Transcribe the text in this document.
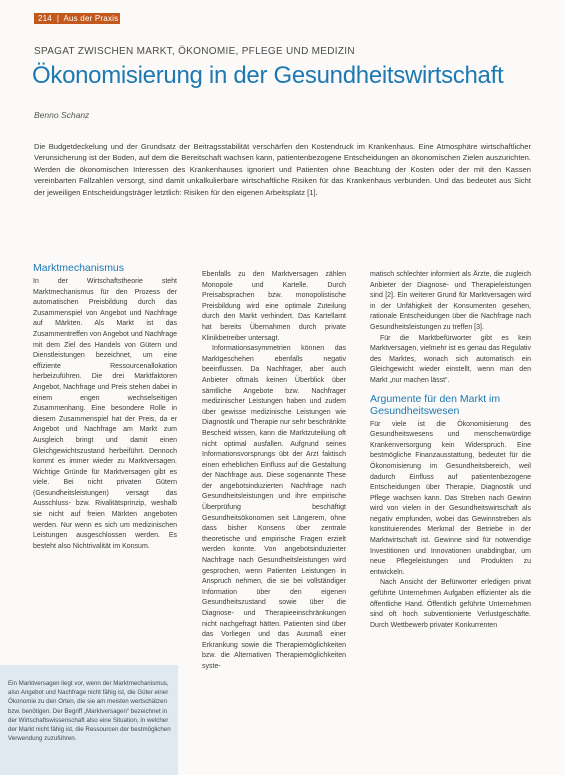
214  |  Aus der Praxis
SPAGAT ZWISCHEN MARKT, ÖKONOMIE, PFLEGE UND MEDIZIN
Ökonomisierung in der Gesundheitswirtschaft
Benno Schanz
Die Budgetdeckelung und der Grundsatz der Beitragsstabilität verschärfen den Kostendruck im Krankenhaus. Eine Atmosphäre wirtschaftlicher Verunsicherung ist der Boden, auf dem die Bereitschaft wachsen kann, patientenbezogene Entscheidungen an ökonomischen Zielen auszurichten. Werden die ökonomischen Interessen des Krankenhauses ignoriert und Patienten ohne Beachtung der Kosten oder der mit den Kassen vereinbarten Fallzahlen versorgt, sind damit unkalkulierbare wirtschaftliche Risiken für das Krankenhaus verbunden. Und das bedeutet aus Sicht der jeweiligen Entscheidungsträger letztlich: Risiken für den eigenen Arbeitsplatz [1].
Marktmechanismus

In der Wirtschaftstheorie steht Marktmechanismus für den Prozess der automatischen Preisbildung durch das Zusammenspiel von Angebot und Nachfrage auf Märkten. Als Markt ist das Zusammentreffen von Angebot und Nachfrage mit dem Ziel des Handels von Gütern und Dienstleistungen bezeichnet, um eine effiziente Ressourcenallokation herbeizuführen. Die drei Marktfaktoren Angebot, Nachfrage und Preis stehen dabei in einem engen wechselseitigen Zusammenhang. Eine besondere Rolle in diesem Zusammenspiel hat der Preis, da er Angebot und Nachfrage am Markt zum Ausgleich bringt und damit einen Gleichgewichtszustand herbeiführt. Dennoch kommt es immer wieder zu Marktversagen. Wichtige Gründe für Marktversagen gibt es viele. Bei nicht privaten Gütern (Gesundheitsleistungen) versagt das Ausschluss- bzw. Rivalitätsprinzip, weshalb sie nicht auf freien Märkten angeboten werden. Nur wenn es sich um medizinischen Leistungen ausgeschlossen werden. Es besteht also Nichtrivalität im Konsum.

Ebenfalls zu den Marktversagen zählen Monopole und Kartelle. Durch Preisabsprachen bzw. monopolistische Preisbildung wird eine optimale Zuteilung durch den Markt verhindert. Das Kartellamt hat bereits Übernahmen durch private Klinikbetreiber untersagt.

Informationsasymmetrien können das Marktgeschehen ebenfalls negativ beeinflussen. Da Nachfrager, aber auch Anbieter oftmals keinen Überblick über sämtliche Angebote bzw. Nachfrager medizinischer Leistungen haben und zudem über gewisse medizinische Leistungen wie Diagnostik und Therapie nur sehr beschränkte Bescheid wissen, kann die Marktzuteilung oft nicht optimal ausfallen. Aufgrund seines Informationsvorsprungs übt der Arzt faktisch einen erheblichen Einfluss auf die Gestaltung der Nachfrage aus. Diese sogenannte These der angebotsinduzierten Nachfrage nach Gesundheitsleistungen und ihre empirische Überprüfung beschäftigt Gesundheitsökonomen seit Längerem, ohne dass bisher Konsens über zentrale theoretische und empirische Fragen erzielt werden konnte. Von angebotsinduzierter Nachfrage nach Gesundheitsleistungen wird gesprochen, wenn Patienten Leistungen in Anspruch nehmen, die sie bei vollständiger Information über den eigenen Gesundheitszustand sowie über die Diagnose- und Therapieeinschränkungen nicht nachgefragt hätten. Patienten sind über das Vorliegen und das Ausmaß einer Erkrankung sowie die Therapiemöglichkeiten bzw. die Alternativen Therapiemöglichkeiten syste-

matisch schlechter informiert als Ärzte, die zugleich Anbieter der Diagnose- und Therapieleistungen sind [2]. Ein weiterer Grund für Marktversagen wird in der Unfähigkeit der Konsumenten gesehen, rationale Entscheidungen über die Nachfrage nach Gesundheitsleistungen zu treffen [3].

Für die Marktbefürworter gibt es kein Marktversagen, vielmehr ist es genau das Regulativ des Marktes, wonach sich automatisch ein Gleichgewicht wieder einstellt, wenn man den Markt „nur machen lässt“.

Argumente für den Markt im Gesundheitswesen

Für viele ist die Ökonomisierung des Gesundheitswesens und menschenwürdige Krankenversorgung kein Widerspruch. Eine bestmögliche Finanzausstattung, bedeutet für die Ökonomisierung im Gesundheitsbereich, weil dadurch Einfluss auf patientenbezogene Entscheidungen über Therapie, Diagnostik und Pflege wachsen kann. Das Streben nach Gewinn wird von vielen in der Gesundheitswirtschaft als negativ empfunden, wobei das Gewinnstreben als konstituierendes Merkmal der Betriebe in der Marktwirtschaft ist. Gewinne sind für notwendige Investitionen und Innovationen unabdingbar, um neue Pflegeleistungen und Produkten zu entwickeln.

Nach Ansicht der Befürworter erledigen privat geführte Unternehmen Aufgaben effizienter als die öffentliche Hand. Öffentlich geführte Unternehmen sind oft hoch subventionierte Verlustgeschäfte. Durch Wettbewerb privater Konkurrenten

Ein Marktversagen liegt vor, wenn der Marktmechanismus, also Angebot und Nachfrage nicht fähig ist, die Güter einer Ökonomie zu den Orten, die sie am meisten wertschätzen bzw. benötigen. Der Begriff „Marktversagen“ bezeichnet in der Wirtschaftswissenschaft also eine Situation, in welcher der Markt nicht fähig ist, die Ressourcen der bestmöglichen Verwendung zuzuführen.
